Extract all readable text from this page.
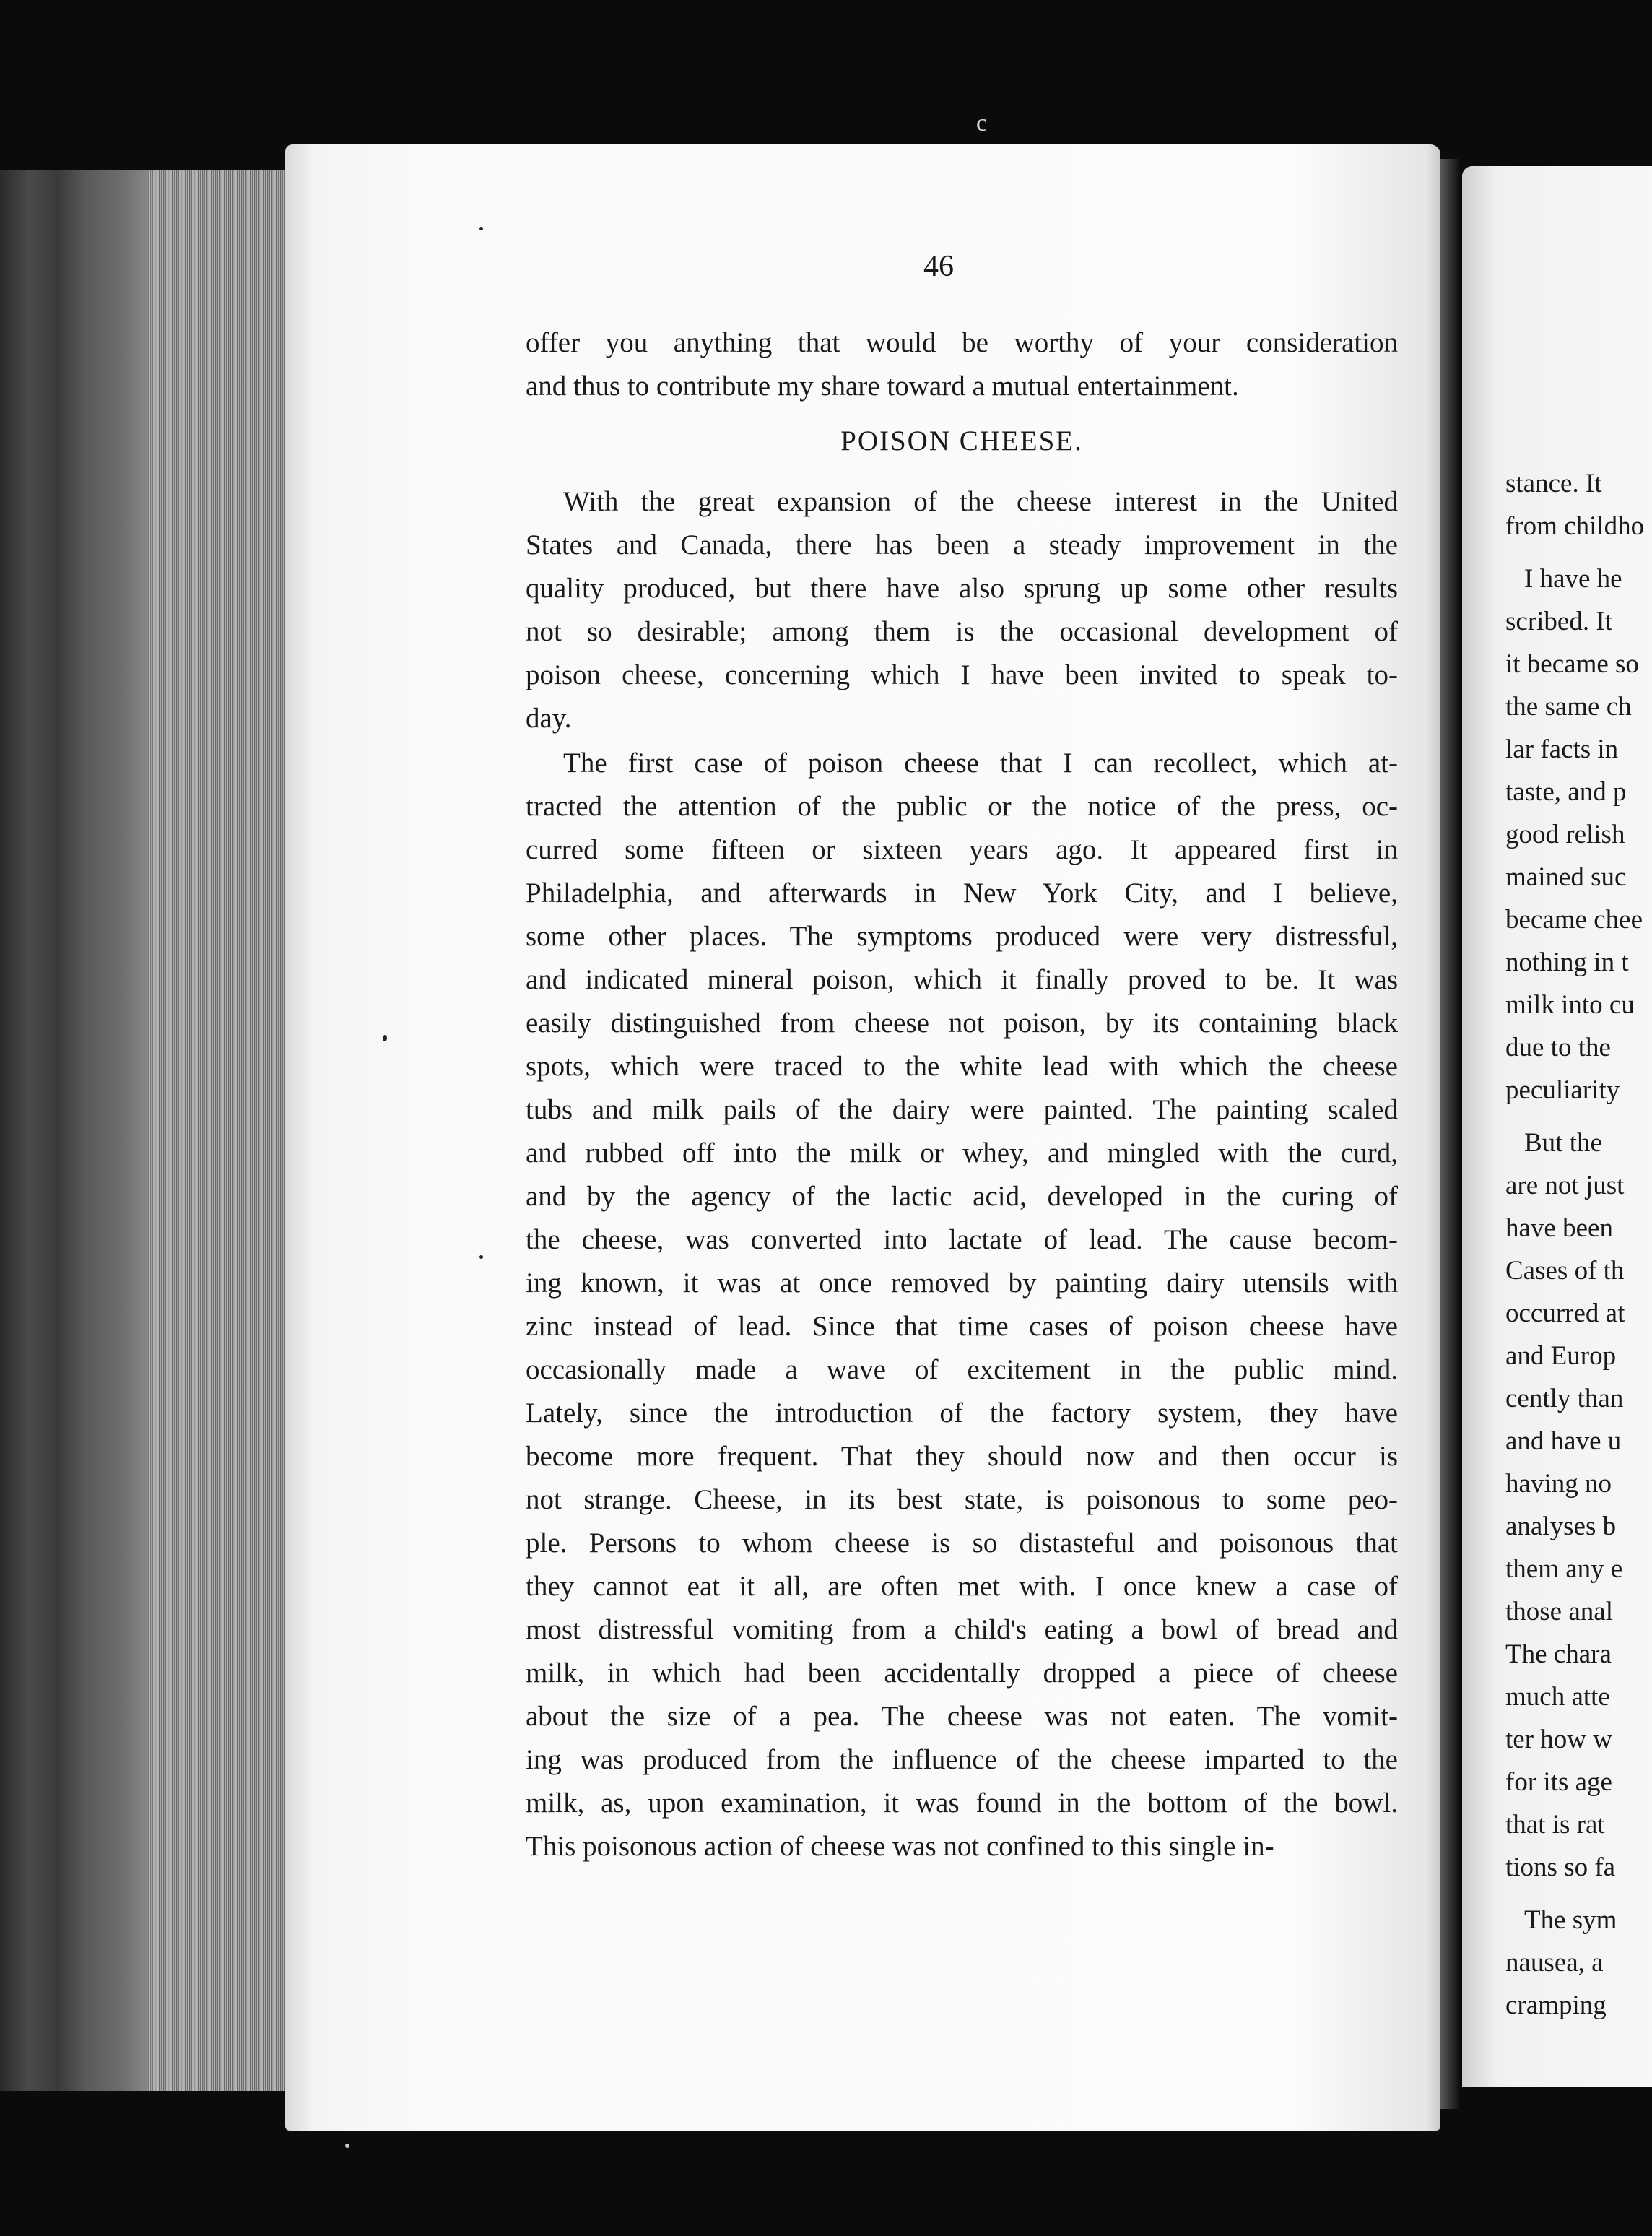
stance. It
from childho
I have he
scribed. It
it became so
the same ch
lar facts in
taste, and p
good relish
mained suc
became chee
nothing in t
milk into cu
due to the
peculiarity
But the
are not just
have been
Cases of th
occurred at
and Europ
cently than
and have u
having no
analyses b
them any e
those anal
The chara
much atte
ter how w
for its age
that is rat
tions so fa
The sym
nausea, a
cramping
c
46
offer you anything that would be worthy of your consideration
and thus to contribute my share toward a mutual entertainment.
POISON CHEESE.
With the great expansion of the cheese interest in the United
States and Canada, there has been a steady improvement in the
quality produced, but there have also sprung up some other results
not so desirable; among them is the occasional development of
poison cheese, concerning which I have been invited to speak to-
day.
The first case of poison cheese that I can recollect, which at-
tracted the attention of the public or the notice of the press, oc-
curred some fifteen or sixteen years ago. It appeared first in
Philadelphia, and afterwards in New York City, and I believe,
some other places. The symptoms produced were very distressful,
and indicated mineral poison, which it finally proved to be. It was
easily distinguished from cheese not poison, by its containing black
spots, which were traced to the white lead with which the cheese
tubs and milk pails of the dairy were painted. The painting scaled
and rubbed off into the milk or whey, and mingled with the curd,
and by the agency of the lactic acid, developed in the curing of
the cheese, was converted into lactate of lead. The cause becom-
ing known, it was at once removed by painting dairy utensils with
zinc instead of lead. Since that time cases of poison cheese have
occasionally made a wave of excitement in the public mind.
Lately, since the introduction of the factory system, they have
become more frequent. That they should now and then occur is
not strange. Cheese, in its best state, is poisonous to some peo-
ple. Persons to whom cheese is so distasteful and poisonous that
they cannot eat it all, are often met with. I once knew a case of
most distressful vomiting from a child's eating a bowl of bread and
milk, in which had been accidentally dropped a piece of cheese
about the size of a pea. The cheese was not eaten. The vomit-
ing was produced from the influence of the cheese imparted to the
milk, as, upon examination, it was found in the bottom of the bowl.
This poisonous action of cheese was not confined to this single in-
